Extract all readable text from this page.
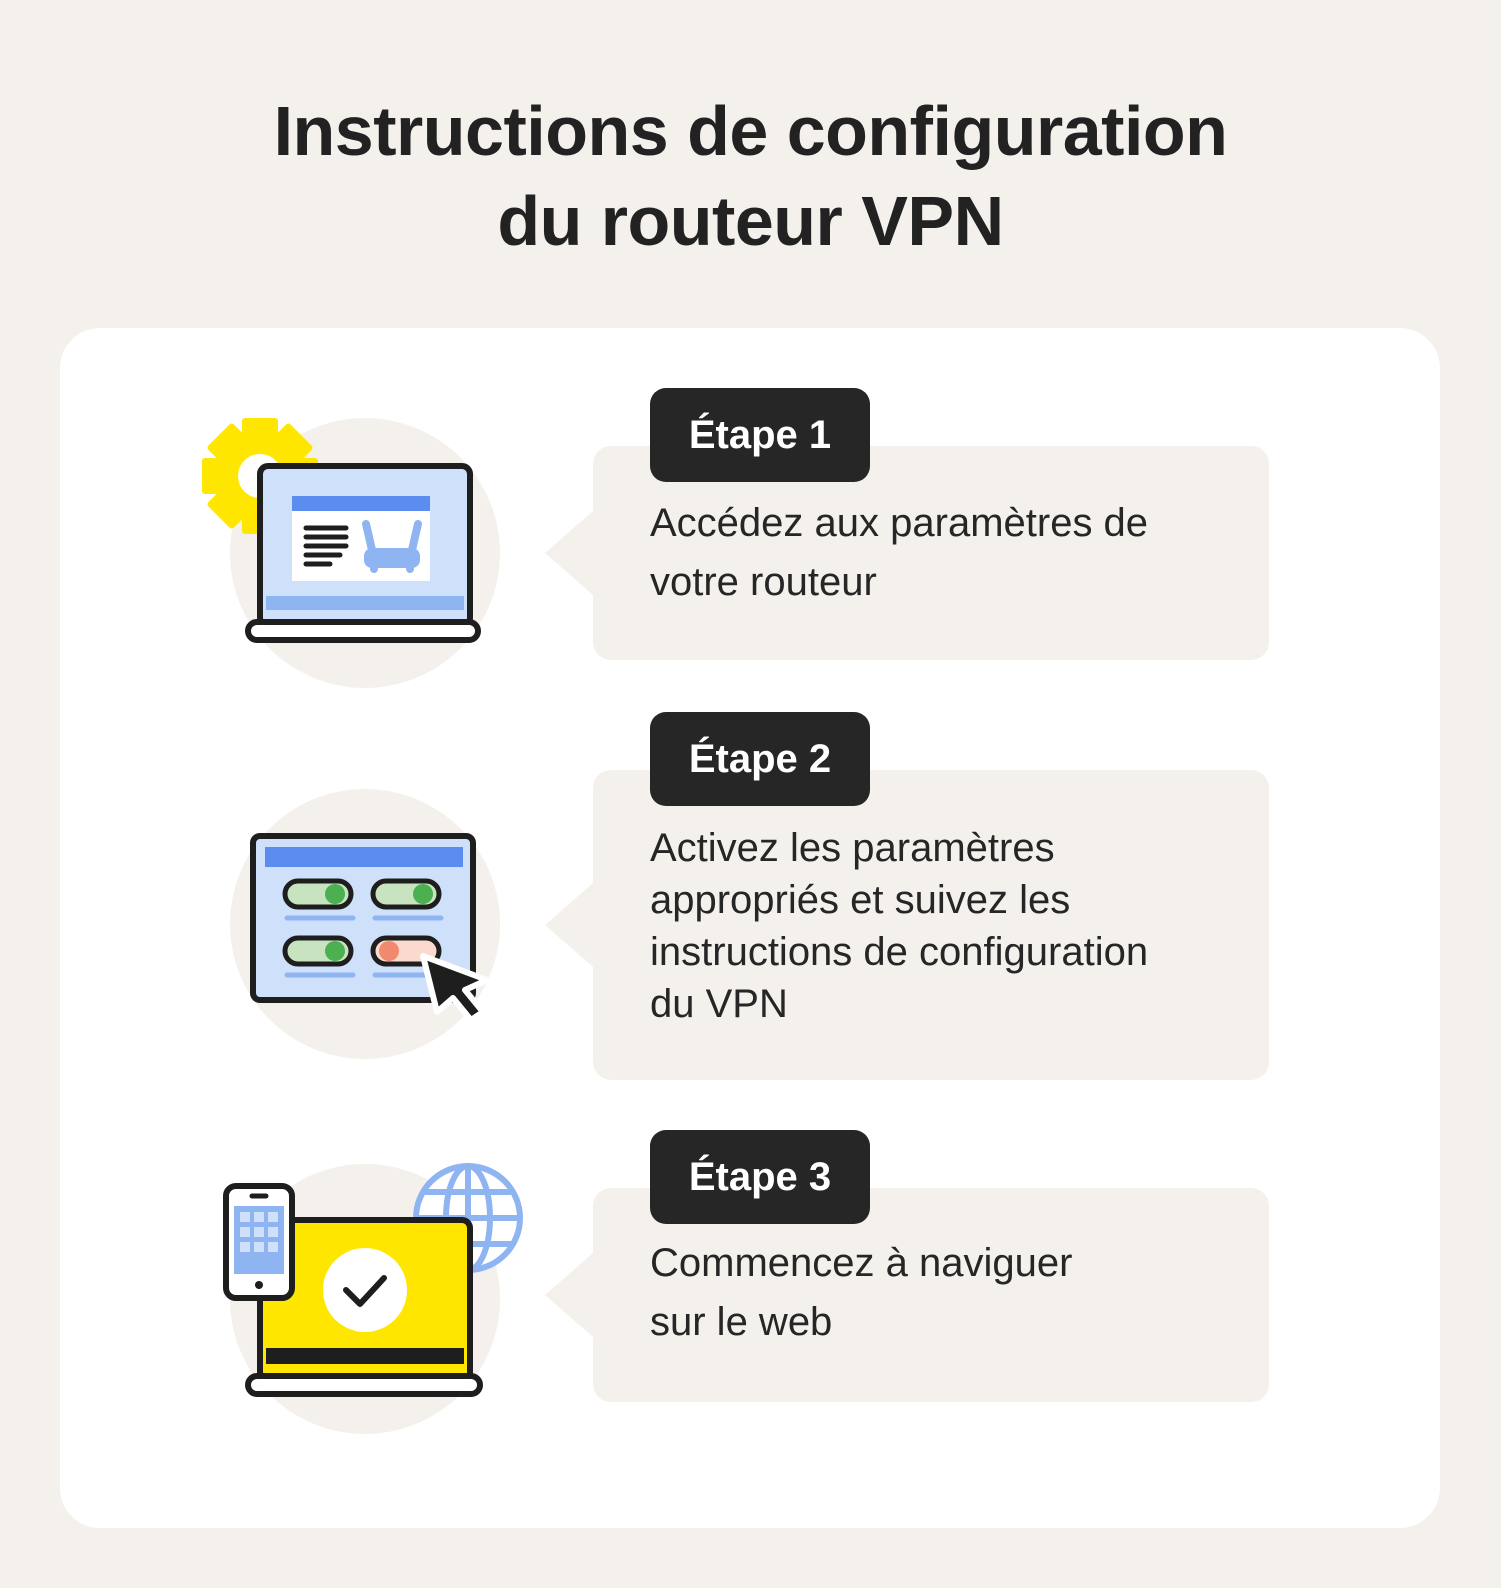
Instructions de configuration
du routeur VPN
Étape 1

Accédez aux paramètres de
votre routeur

Étape 2

Activez les paramètres
appropriés et suivez les
instructions de configuration
du VPN

Étape 3

Commencez à naviguer
sur le web
